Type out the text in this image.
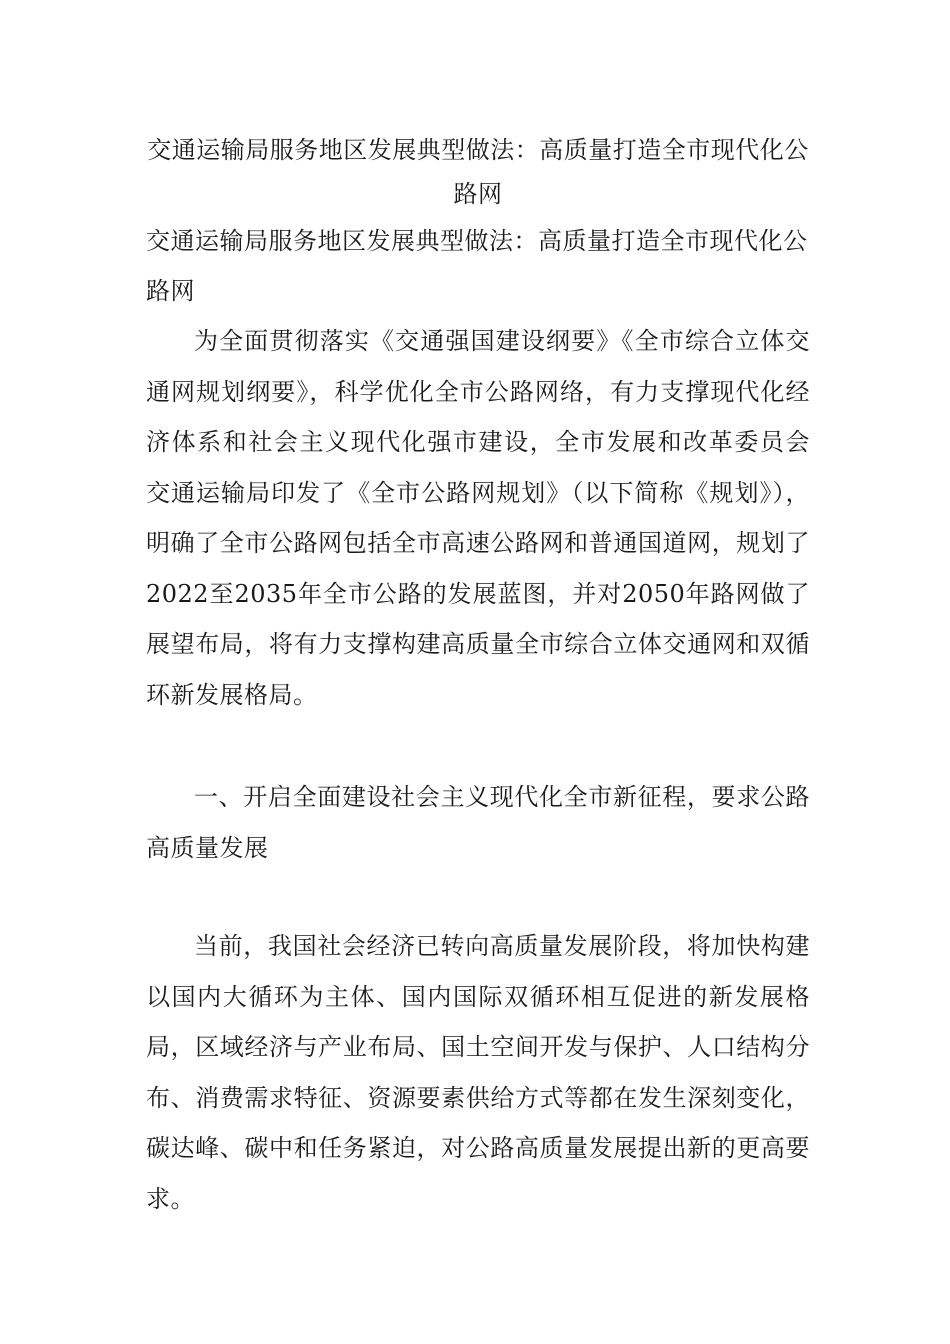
交通运输局服务地区发展典型做法：高质量打造全市现代化公路网
交通运输局服务地区发展典型做法：高质量打造全市现代化公路网

为全面贯彻落实《交通强国建设纲要》《全市综合立体交通网规划纲要》，科学优化全市公路网络，有力支撑现代化经济体系和社会主义现代化强市建设，全市发展和改革委员会 交通运输局印发了《全市公路网规划》（以下简称《规划》），明确了全市公路网包括全市高速公路网和普通国道网，规划了2022至2035年全市公路的发展蓝图，并对2050年路网做了展望布局，将有力支撑构建高质量全市综合立体交通网和双循环新发展格局。

一、开启全面建设社会主义现代化全市新征程，要求公路高质量发展

当前，我国社会经济已转向高质量发展阶段，将加快构建以国内大循环为主体、国内国际双循环相互促进的新发展格局，区域经济与产业布局、国土空间开发与保护、人口结构分布、消费需求特征、资源要素供给方式等都在发生深刻变化，碳达峰、碳中和任务紧迫，对公路高质量发展提出新的更高要求。
